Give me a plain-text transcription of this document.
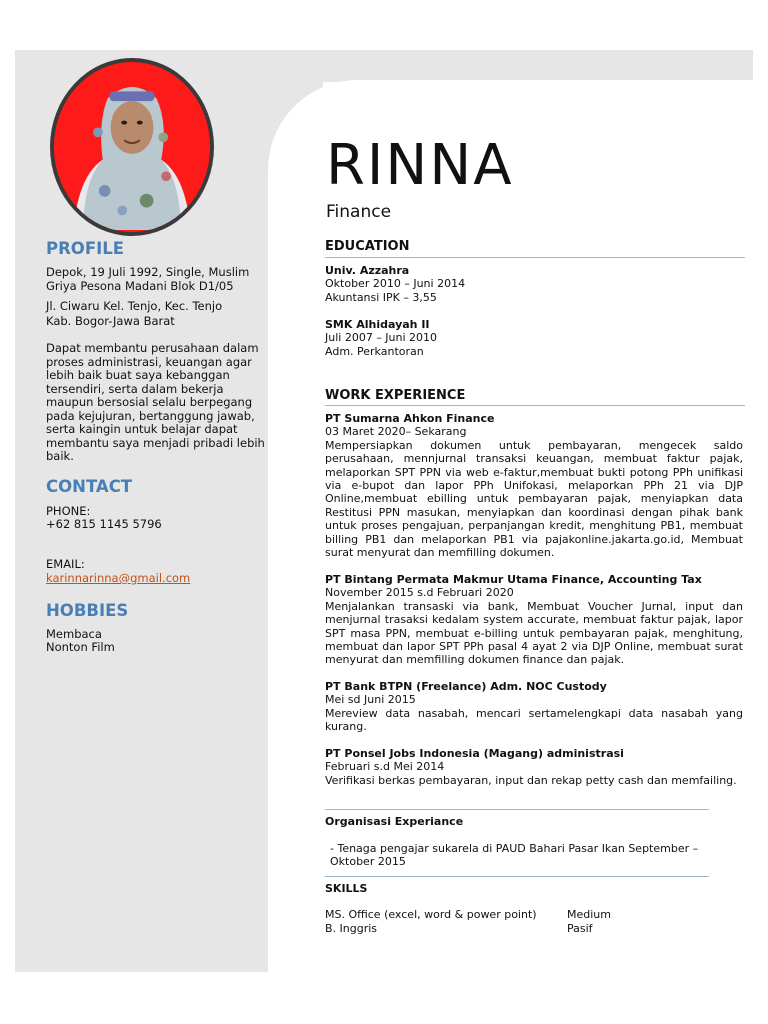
PROFILE
Depok, 19 Juli 1992, Single, Muslim
Griya Pesona Madani Blok D1/05
Jl. Ciwaru Kel. Tenjo, Kec. Tenjo
Kab. Bogor-Jawa Barat
Dapat membantu perusahaan dalam proses administrasi, keuangan agar lebih baik buat saya kebanggan tersendiri, serta dalam bekerja maupun bersosial selalu berpegang pada kejujuran, bertanggung jawab, serta kaingin untuk belajar dapat membantu saya menjadi pribadi lebih baik.
CONTACT
PHONE:
+62 815 1145 5796
EMAIL:
karinnarinna@gmail.com
HOBBIES
Membaca
Nonton Film
RINNA
Finance
EDUCATION
Univ. Azzahra
Oktober 2010 – Juni 2014
Akuntansi IPK – 3,55
SMK Alhidayah II
Juli 2007 – Juni 2010
Adm. Perkantoran
WORK EXPERIENCE
PT Sumarna Ahkon Finance
03 Maret 2020– Sekarang
Mempersiapkan dokumen untuk pembayaran, mengecek saldo perusahaan, mennjurnal transaksi keuangan, membuat faktur pajak, melaporkan SPT PPN via web e-faktur,membuat bukti potong PPh unifikasi via e-bupot dan lapor PPh Unifokasi, melaporkan PPh 21 via DJP Online,membuat ebilling untuk pembayaran pajak, menyiapkan data Restitusi PPN masukan, menyiapkan dan koordinasi dengan pihak bank untuk proses pengajuan, perpanjangan kredit, menghitung PB1, membuat billing PB1 dan melaporkan PB1 via pajakonline.jakarta.go.id, Membuat surat menyurat dan memfilling dokumen.
PT Bintang Permata Makmur Utama Finance, Accounting Tax
November 2015 s.d Februari 2020
Menjalankan transaski via bank, Membuat Voucher Jurnal, input dan menjurnal trasaksi kedalam system accurate, membuat faktur pajak, lapor SPT masa PPN, membuat e-billing untuk pembayaran pajak, menghitung, membuat dan lapor SPT PPh pasal 4 ayat 2 via DJP Online, membuat surat menyurat dan memfilling dokumen finance dan pajak.
PT Bank BTPN (Freelance) Adm. NOC Custody
Mei sd Juni 2015
Mereview data nasabah, mencari sertamelengkapi data nasabah yang kurang.
PT Ponsel Jobs Indonesia (Magang) administrasi
Februari s.d Mei 2014
Verifikasi berkas pembayaran, input dan rekap petty cash dan memfailing.
Organisasi Experiance
- Tenaga pengajar sukarela di PAUD Bahari Pasar Ikan September – Oktober 2015
SKILLS
MS. Office (excel, word & power point)	Medium
B. Inggris	Pasif
